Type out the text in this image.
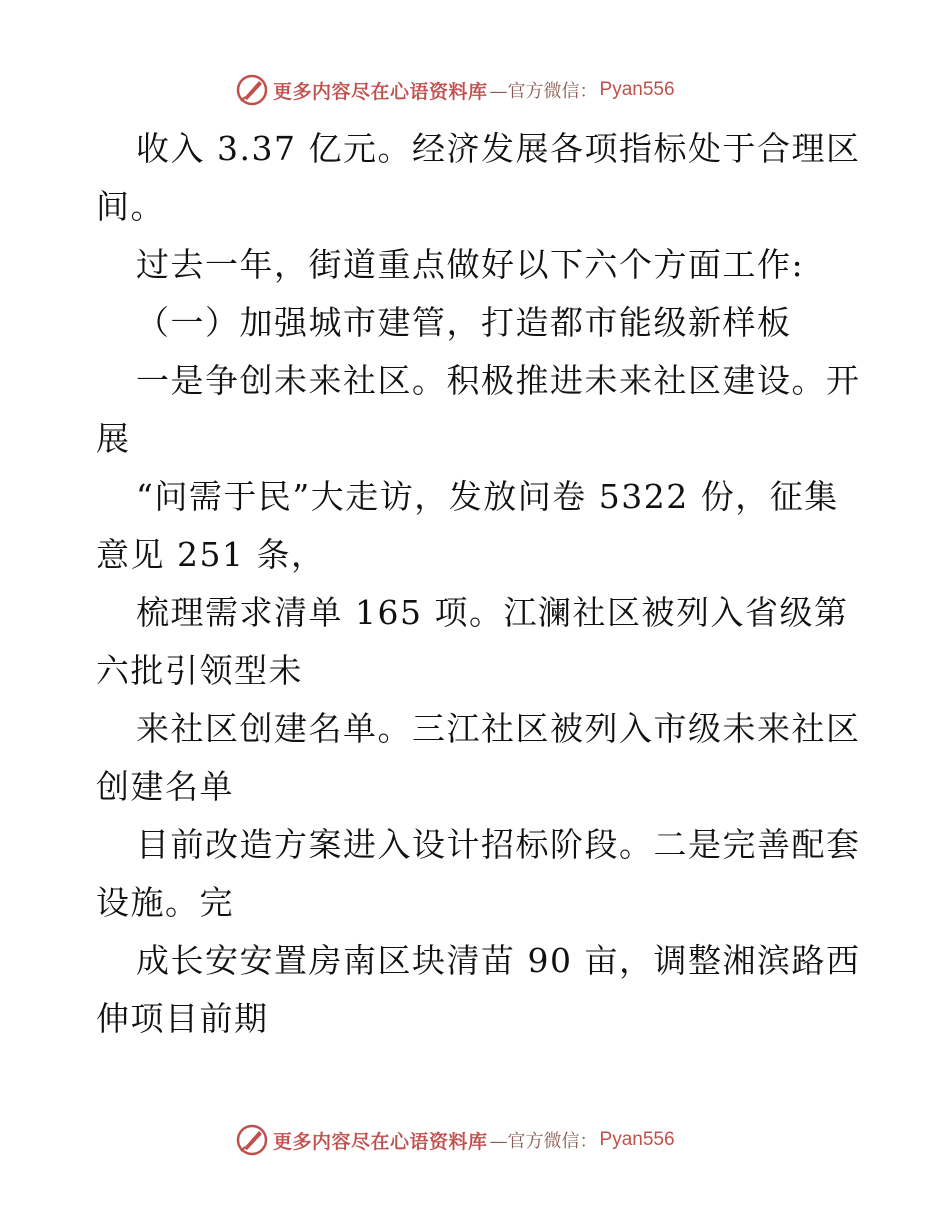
更多内容尽在心语资料库 —官方微信： Pyan556
收入 3.37 亿元。经济发展各项指标处于合理区
间。
过去一年，街道重点做好以下六个方面工作:
（一）加强城市建管，打造都市能级新样板
一是争创未来社区。积极推进未来社区建设。开
展
“问需于民”大走访，发放问卷 5322 份，征集
意见 251 条，
梳理需求清单 165 项。江澜社区被列入省级第
六批引领型未
来社区创建名单。三江社区被列入市级未来社区
创建名单
目前改造方案进入设计招标阶段。二是完善配套
设施。完
成长安安置房南区块清苗 90 亩，调整湘滨路西
伸项目前期
更多内容尽在心语资料库 —官方微信： Pyan556
